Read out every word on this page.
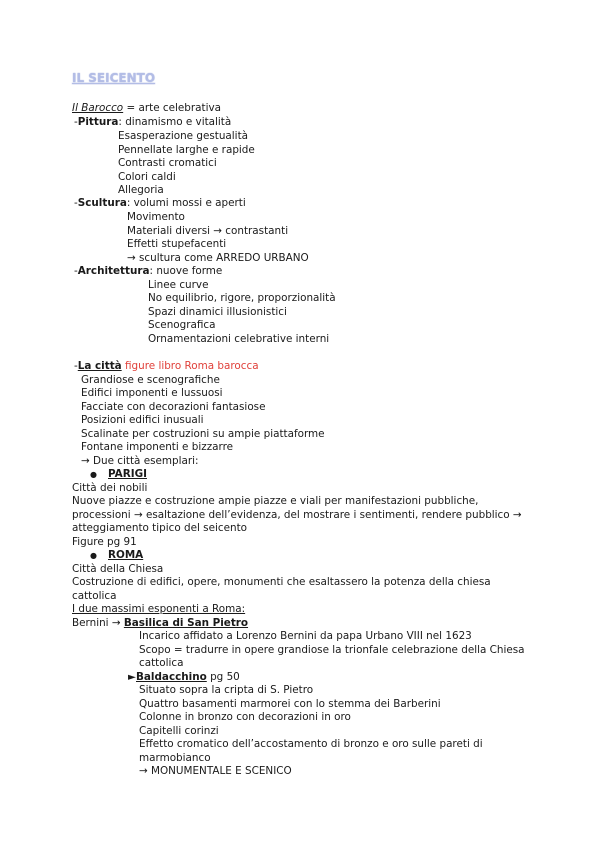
IL SEICENTO
Il Barocco = arte celebrativa
-Pittura: dinamismo e vitalità
Esasperazione gestualità
Pennellate larghe e rapide
Contrasti cromatici
Colori caldi
Allegoria
-Scultura: volumi mossi e aperti
Movimento
Materiali diversi → contrastanti
Effetti stupefacenti
→ scultura come ARREDO URBANO
-Architettura: nuove forme
Linee curve
No equilibrio, rigore, proporzionalità
Spazi dinamici illusionistici
Scenografica
Ornamentazioni celebrative interni
-La città figure libro Roma barocca
Grandiose e scenografiche
Edifici imponenti e lussuosi
Facciate con decorazioni fantasiose
Posizioni edifici inusuali
Scalinate per costruzioni su ampie piattaforme
Fontane imponenti e bizzarre
→ Due città esemplari:
● PARIGI
Città dei nobili
Nuove piazze e costruzione ampie piazze e viali per manifestazioni pubbliche,
processioni → esaltazione dell’evidenza, del mostrare i sentimenti, rendere pubblico →
atteggiamento tipico del seicento
Figure pg 91
● ROMA
Città della Chiesa
Costruzione di edifici, opere, monumenti che esaltassero la potenza della chiesa
cattolica
I due massimi esponenti a Roma:
Bernini → Basilica di San Pietro
Incarico affidato a Lorenzo Bernini da papa Urbano VIII nel 1623
Scopo = tradurre in opere grandiose la trionfale celebrazione della Chiesa
cattolica
►Baldacchino pg 50
Situato sopra la cripta di S. Pietro
Quattro basamenti marmorei con lo stemma dei Barberini
Colonne in bronzo con decorazioni in oro
Capitelli corinzi
Effetto cromatico dell’accostamento di bronzo e oro sulle pareti di
marmobianco
→ MONUMENTALE E SCENICO
